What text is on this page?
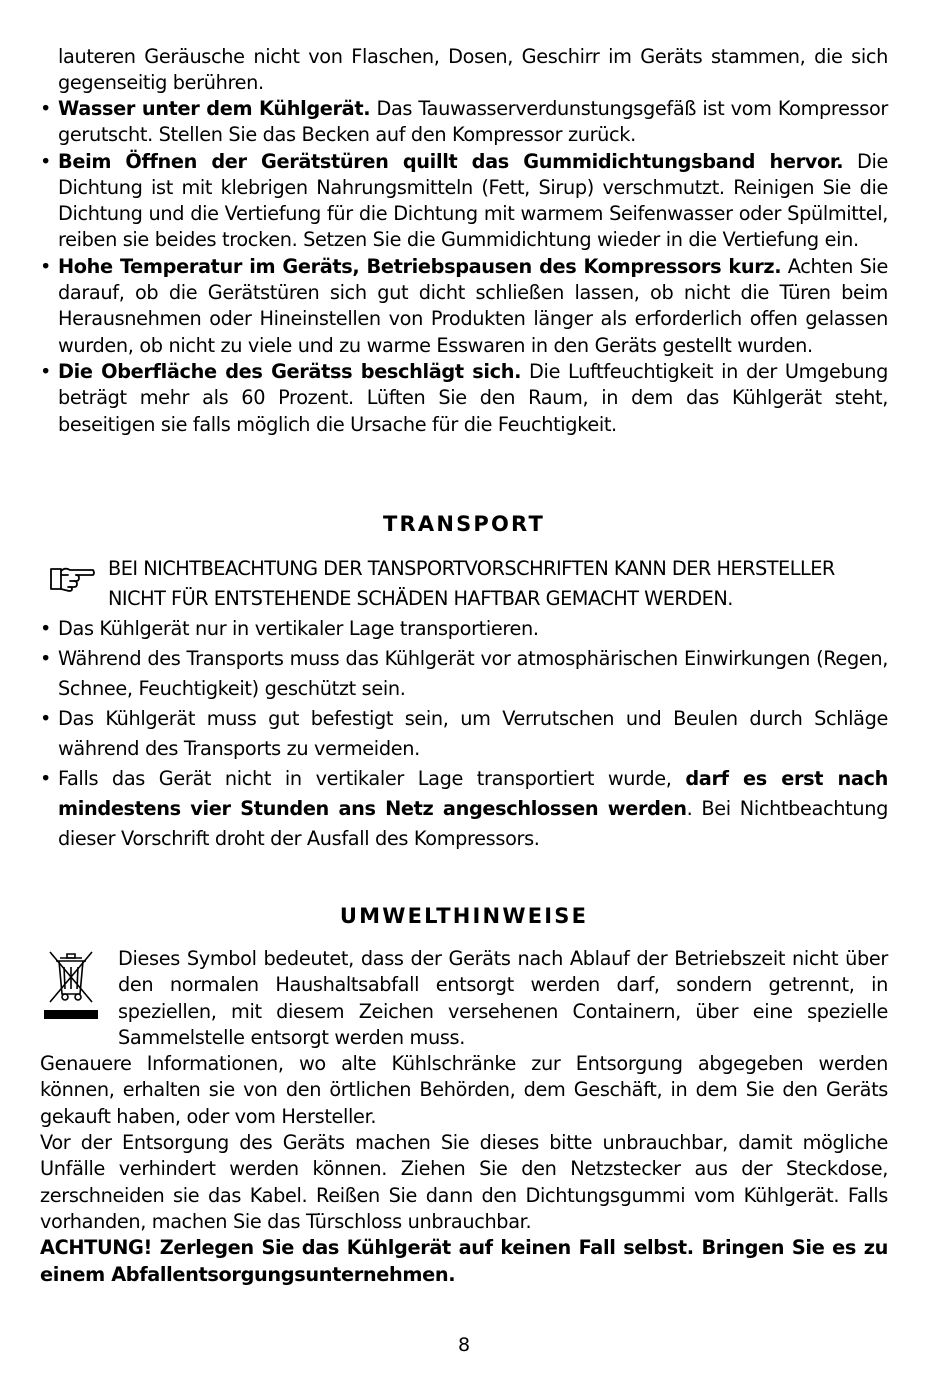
lauteren Geräusche nicht von Flaschen, Dosen, Geschirr im Geräts stammen, die sich gegenseitig berühren.
• Wasser unter dem Kühlgerät. Das Tauwasserverdunstungsgefäß ist vom Kompressor gerutscht. Stellen Sie das Becken auf den Kompressor zurück.
• Beim Öffnen der Gerätstüren quillt das Gummidichtungsband hervor. Die Dichtung ist mit klebrigen Nahrungsmitteln (Fett, Sirup) verschmutzt. Reinigen Sie die Dichtung und die Vertiefung für die Dichtung mit warmem Seifenwasser oder Spülmittel, reiben sie beides trocken. Setzen Sie die Gummidichtung wieder in die Vertiefung ein.
• Hohe Temperatur im Geräts, Betriebspausen des Kompressors kurz. Achten Sie darauf, ob die Gerätstüren sich gut dicht schließen lassen, ob nicht die Türen beim Herausnehmen oder Hineinstellen von Produkten länger als erforderlich offen gelassen wurden, ob nicht zu viele und zu warme Esswaren in den Geräts gestellt wurden.
• Die Oberfläche des Gerätss beschlägt sich. Die Luftfeuchtigkeit in der Umgebung beträgt mehr als 60 Prozent. Lüften Sie den Raum, in dem das Kühlgerät steht, beseitigen sie falls möglich die Ursache für die Feuchtigkeit.
TRANSPORT
BEI NICHTBEACHTUNG DER TANSPORTVORSCHRIFTEN KANN DER HERSTELLER NICHT FÜR ENTSTEHENDE SCHÄDEN HAFTBAR GEMACHT WERDEN.
• Das Kühlgerät nur in vertikaler Lage transportieren.
• Während des Transports muss das Kühlgerät vor atmosphärischen Einwirkungen (Regen, Schnee, Feuchtigkeit) geschützt sein.
• Das Kühlgerät muss gut befestigt sein, um Verrutschen und Beulen durch Schläge während des Transports zu vermeiden.
• Falls das Gerät nicht in vertikaler Lage transportiert wurde, darf es erst nach mindestens vier Stunden ans Netz angeschlossen werden. Bei Nichtbeachtung dieser Vorschrift droht der Ausfall des Kompressors.
UMWELTHINWEISE

Dieses Symbol bedeutet, dass der Geräts nach Ablauf der Betriebszeit nicht über den normalen Haushaltsabfall entsorgt werden darf, sondern getrennt, in speziellen, mit diesem Zeichen versehenen Containern, über eine spezielle Sammelstelle entsorgt werden muss.

Genauere Informationen, wo alte Kühlschränke zur Entsorgung abgegeben werden können, erhalten sie von den örtlichen Behörden, dem Geschäft, in dem Sie den Geräts gekauft haben, oder vom Hersteller.

Vor der Entsorgung des Geräts machen Sie dieses bitte unbrauchbar, damit mögliche Unfälle verhindert werden können. Ziehen Sie den Netzstecker aus der Steckdose, zerschneiden sie das Kabel. Reißen Sie dann den Dichtungsgummi vom Kühlgerät. Falls vorhanden, machen Sie das Türschloss unbrauchbar.

ACHTUNG! Zerlegen Sie das Kühlgerät auf keinen Fall selbst. Bringen Sie es zu einem Abfallentsorgungsunternehmen.

8
